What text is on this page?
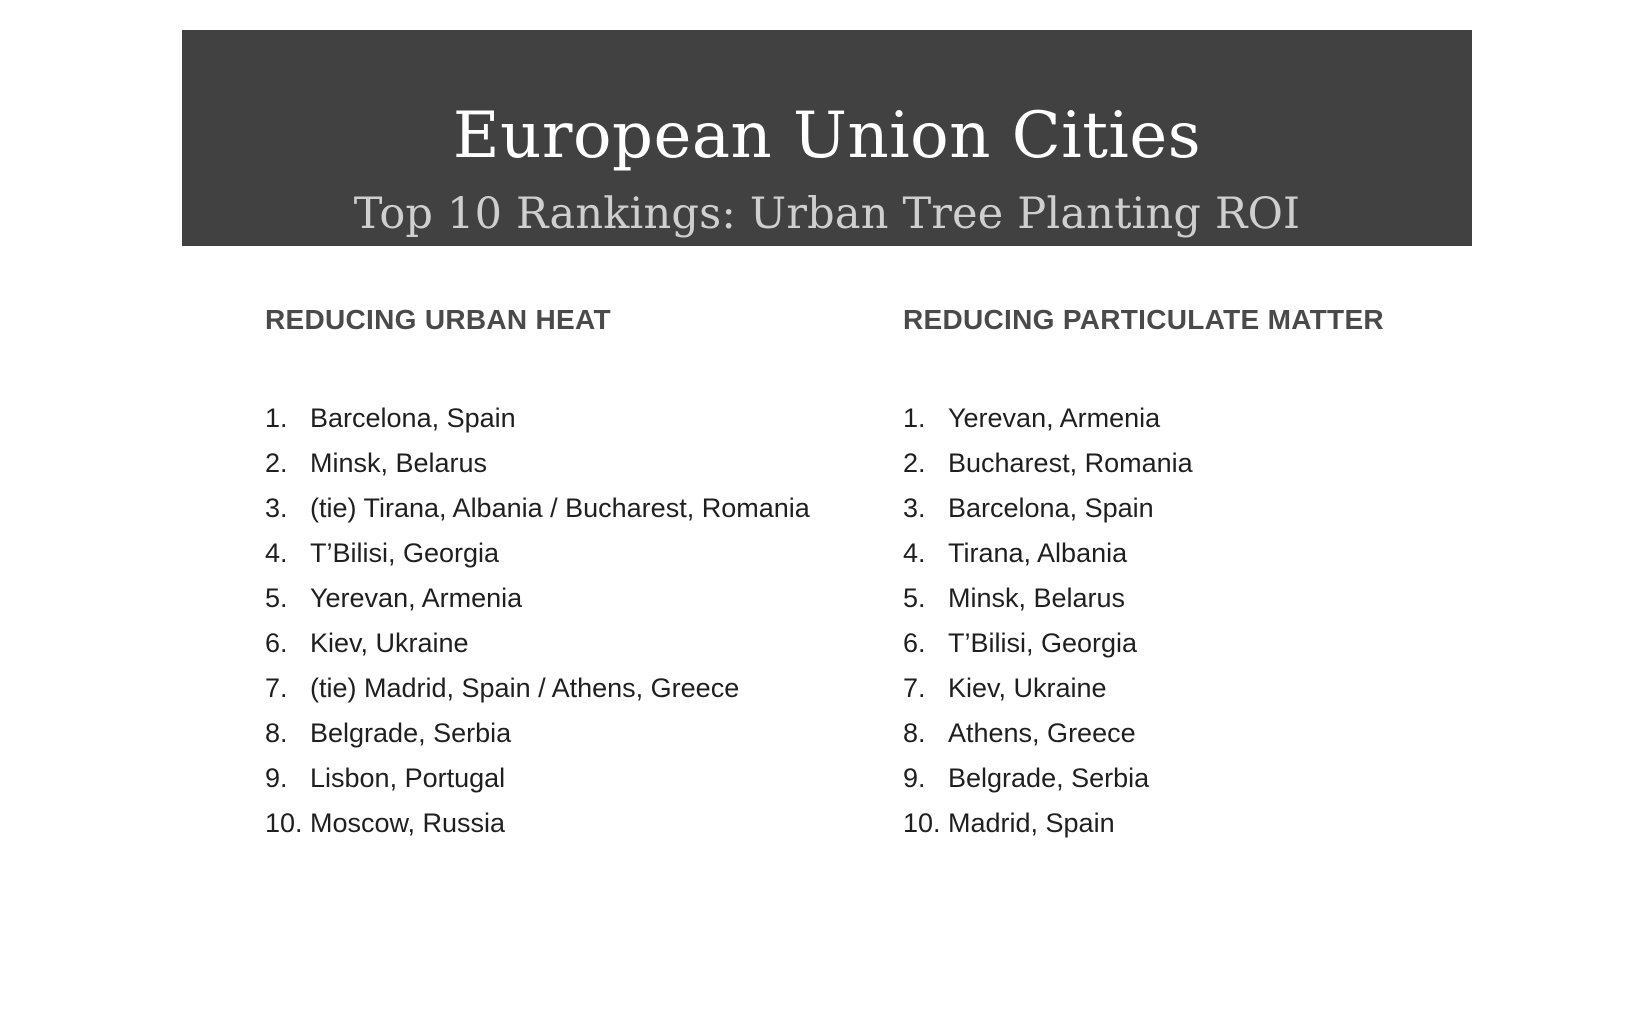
European Union Cities
Top 10 Rankings: Urban Tree Planting ROI
REDUCING URBAN HEAT
1. Barcelona, Spain
2. Minsk, Belarus
3. (tie) Tirana, Albania / Bucharest, Romania
4. T’Bilisi, Georgia
5. Yerevan, Armenia
6. Kiev, Ukraine
7. (tie) Madrid, Spain / Athens, Greece
8. Belgrade, Serbia
9. Lisbon, Portugal
10. Moscow, Russia
REDUCING PARTICULATE MATTER
1. Yerevan, Armenia
2. Bucharest, Romania
3. Barcelona, Spain
4. Tirana, Albania
5. Minsk, Belarus
6. T’Bilisi, Georgia
7. Kiev, Ukraine
8. Athens, Greece
9. Belgrade, Serbia
10. Madrid, Spain
